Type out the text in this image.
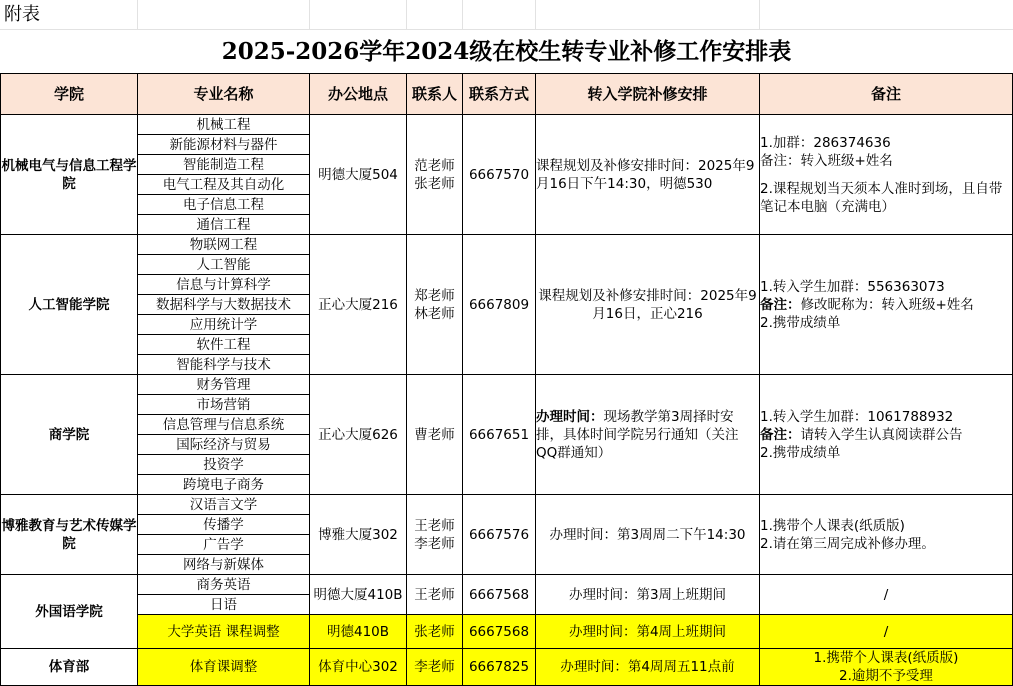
附表
2025-2026学年2024级在校生转专业补修工作安排表
学院	专业名称	办公地点	联系人	联系方式	转入学院补修安排	备注
机械电气与信息工程学院	机械工程	明德大厦504	范老师
张老师	6667570	课程规划及补修安排时间：2025年9月16日下午14:30，明德530	1.加群：286374636
备注：转入班级+姓名
2.课程规划当天须本人准时到场，且自带笔记本电脑（充满电）

	新能源材料与器件					
	智能制造工程					
	电气工程及其自动化					
	电子信息工程					
	通信工程					
人工智能学院	物联网工程	正心大厦216	郑老师
林老师	6667809	课程规划及补修安排时间：2025年9月16日，正心216	1.转入学生加群：556363073
备注：修改昵称为：转入班级+姓名
2.携带成绩单

	人工智能					
	信息与计算科学					
	数据科学与大数据技术					
	应用统计学					
	软件工程					
	智能科学与技术					
商学院	财务管理	正心大厦626	曹老师	6667651	办理时间：现场教学第3周择时安排，具体时间学院另行通知（关注QQ群通知）	1.转入学生加群：1061788932
备注：请转入学生认真阅读群公告
2.携带成绩单

	市场营销					
	信息管理与信息系统					
	国际经济与贸易					
	投资学					
	跨境电子商务					
博雅教育与艺术传媒学院	汉语言文学	博雅大厦302	王老师
李老师	6667576	办理时间：第3周周二下午14:30	1.携带个人课表(纸质版)
2.请在第三周完成补修办理。

	传播学					
	广告学					
	网络与新媒体					
外国语学院	商务英语	明德大厦410B	王老师	6667568	办理时间：第3周上班期间	/
	日语					
	大学英语 课程调整	明德410B	张老师	6667568	办理时间：第4周上班期间	/
体育部	体育课调整	体育中心302	李老师	6667825	办理时间：第4周周五11点前	1.携带个人课表(纸质版)
2.逾期不予受理
